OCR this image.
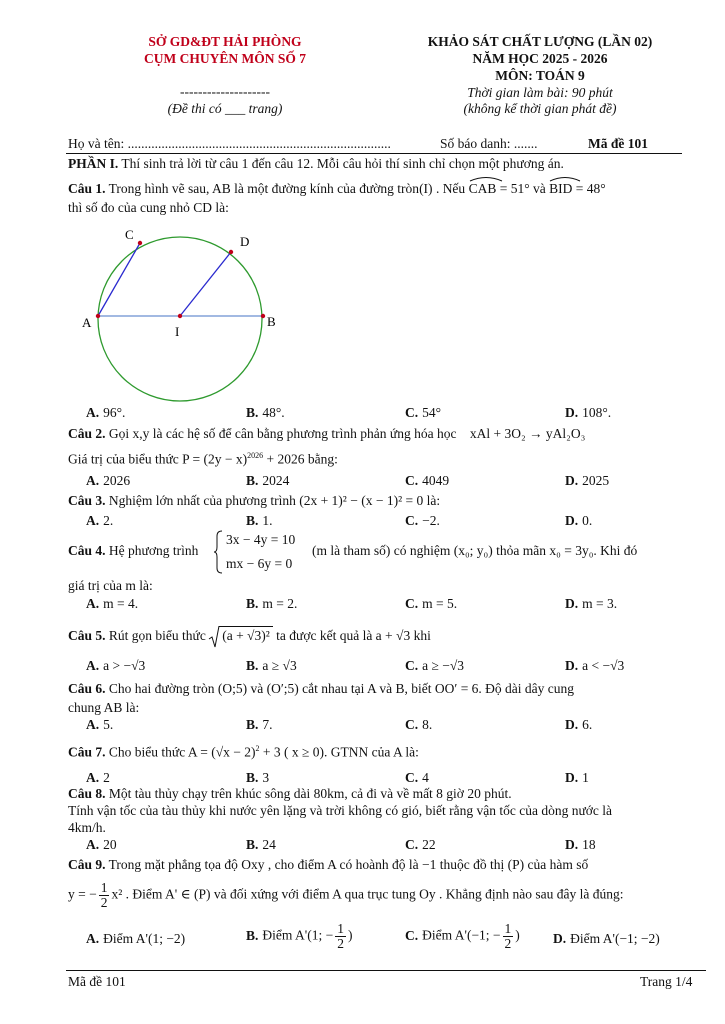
SỞ GD&ĐT HẢI PHÒNG
CỤM CHUYÊN MÔN SỐ 7
--------------------
(Đề thi có ___ trang)
KHẢO SÁT CHẤT LƯỢNG (LẦN 02)
NĂM HỌC 2025 - 2026
MÔN: TOÁN 9
Thời gian làm bài: 90 phút
(không kể thời gian phát đề)
Họ và tên: ..............................................................................	Số báo danh: .......	Mã đề 101
PHẦN I. Thí sinh trả lời từ câu 1 đến câu 12. Mỗi câu hỏi thí sinh chỉ chọn một phương án.
Câu 1. Trong hình vẽ sau, AB là một đường kính của đường tròn(I) . Nếu CAB = 51° và BID = 48°
thì số đo của cung nhỏ CD là:
A	B
C	D
I
A. 96°.	B. 48°.	C. 54°	D. 108°.
Câu 2. Gọi x,y là các hệ số để cân bằng phương trình phản ứng hóa học xAl + 3O₂ → yAl₂O₃
Giá trị của biểu thức $P = (2y - x)^{2026} + 2026$ bằng:
A. 2026	B. 2024	C. 4049	D. 2025
Câu 3. Nghiệm lớn nhất của phương trình (2x + 1)² − (x − 1)² = 0 là:
A. 2.	B. 1.	C. −2.	D. 0.
Câu 4. Hệ phương trình
3x − 4y = 10
mx − 6y = 0
(m là tham số) có nghiệm (x₀; y₀) thỏa mãn x₀ = 3y₀. Khi đó
giá trị của m là:
A. m = 4.	B. m = 2.	C. m = 5.	D. m = 3.
Câu 5. Rút gọn biểu thức (a + √3)² ta được kết quả là a + √3 khi
A. a > −√3	B. a ≥ √3	C. a ≥ −√3	D. a < −√3
Câu 6. Cho hai đường tròn (O;5) và (O′;5) cắt nhau tại A và B, biết OO′ = 6. Độ dài dây cung
chung AB là:
A. 5.	B. 7.	C. 8.	D. 6.
Câu 7. Cho biểu thức $A = (√x - 2)^2 + 3$ ( x ≥ 0). GTNN của A là:
A. 2	B. 3	C. 4	D. 1
Câu 8. Một tàu thủy chạy trên khúc sông dài 80km, cả đi và về mất 8 giờ 20 phút.
Tính vận tốc của tàu thủy khi nước yên lặng và trời không có gió, biết rằng vận tốc của dòng nước là
4km/h.
A. 20	B. 24	C. 22	D. 18
Câu 9. Trong mặt phẳng tọa độ Oxy , cho điểm A có hoành độ là −1 thuộc đồ thị (P) của hàm số
y = − $\frac{1}{2} x^2$ . Điểm A' ∈ (P) và đối xứng với điểm A qua trục tung Oy . Khẳng định nào sau đây là đúng:
A. Điểm A'(1; −2)	B. Điểm A'(1; − $\frac{1}{2}$ )	C. Điểm A'(−1; − $\frac{1}{2}$ ) D. Điểm A'(−1; −2)
Mã đề 101	Trang 1/4
